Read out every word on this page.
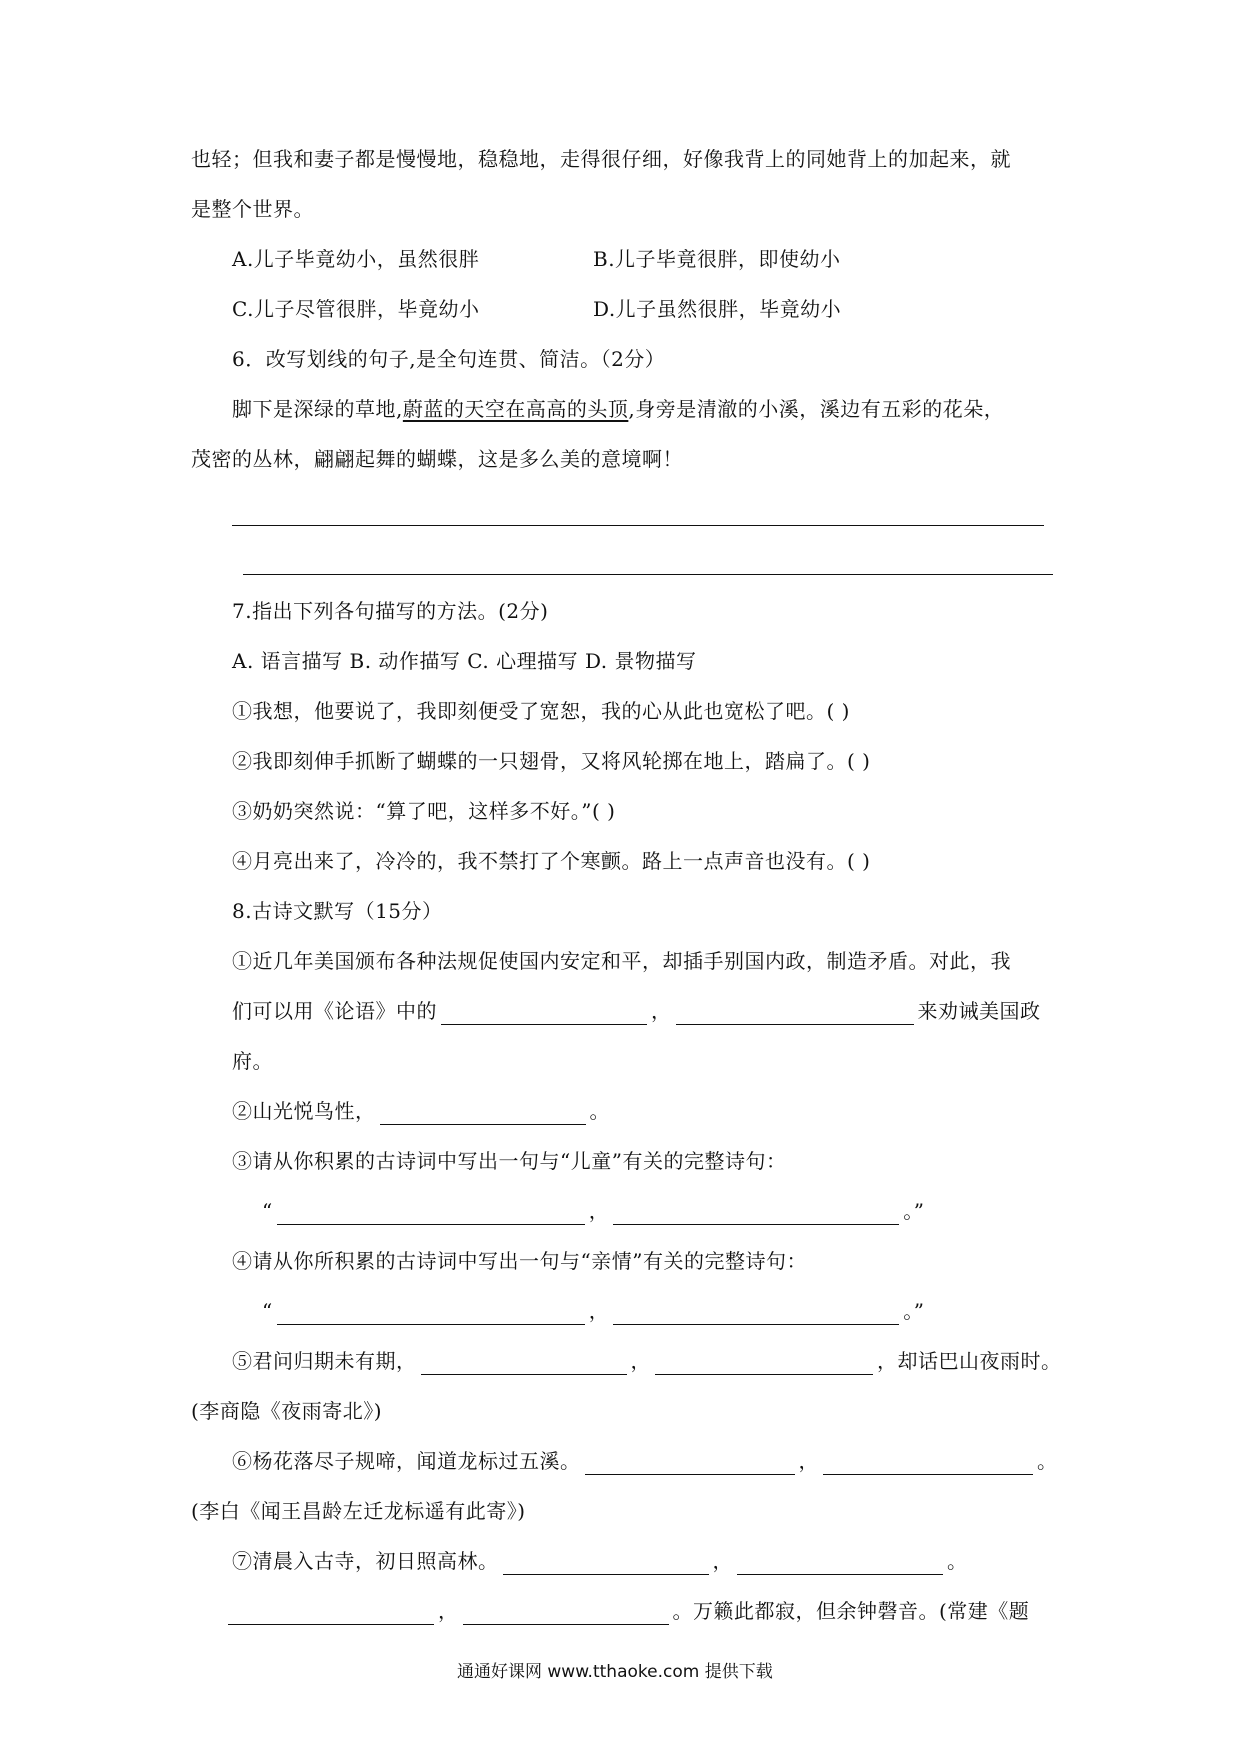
也轻；但我和妻子都是慢慢地，稳稳地，走得很仔细，好像我背上的同她背上的加起来，就
是整个世界。
A.儿子毕竟幼小，虽然很胖	B.儿子毕竟很胖，即使幼小
C.儿子尽管很胖，毕竟幼小	D.儿子虽然很胖，毕竟幼小
6．改写划线的句子,是全句连贯、简洁。（2分）
脚下是深绿的草地,蔚蓝的天空在高高的头顶,身旁是清澈的小溪，溪边有五彩的花朵，
茂密的丛林，翩翩起舞的蝴蝶，这是多么美的意境啊！
7.指出下列各句描写的方法。(2分)
A. 语言描写 B. 动作描写 C. 心理描写 D. 景物描写
①我想，他要说了，我即刻便受了宽恕，我的心从此也宽松了吧。( )
②我即刻伸手抓断了蝴蝶的一只翅骨，又将风轮掷在地上，踏扁了。( )
③奶奶突然说：“算了吧，这样多不好。”( )
④月亮出来了，冷冷的，我不禁打了个寒颤。路上一点声音也没有。( )
8.古诗文默写（15分）
①近几年美国颁布各种法规促使国内安定和平，却插手别国内政，制造矛盾。对此，我
们可以用《论语》中的	，	来劝诫美国政
府。
②山光悦鸟性，	。
③请从你积累的古诗词中写出一句与“儿童”有关的完整诗句：
“	，	。”
④请从你所积累的古诗词中写出一句与“亲情”有关的完整诗句：
“	，	。”
⑤君问归期未有期，	，	，却话巴山夜雨时。
(李商隐《夜雨寄北》)
⑥杨花落尽子规啼，闻道龙标过五溪。	，	。
(李白《闻王昌龄左迁龙标遥有此寄》)
⑦清晨入古寺，初日照高林。	，	。
，	。万籁此都寂，但余钟磬音。(常建《题
通通好课网 www.tthaoke.com 提供下载
